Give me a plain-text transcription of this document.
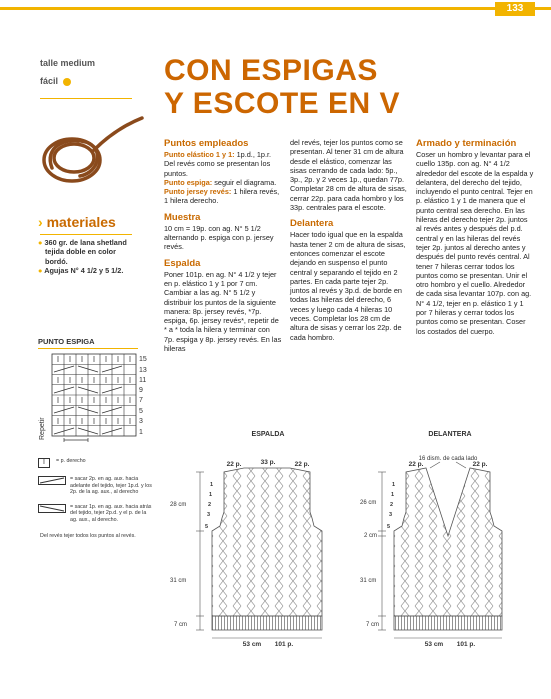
133
talle medium
fácil
› materiales
● 360 gr. de lana shetland tejida doble en color bordó.
● Agujas N° 4 1/2 y 5 1/2.
PUNTO ESPIGA
15
13
11
9
7
5
3
1
Repetir
I	= p. derecho
= sacar 2p. en ag. aux. hacia adelante del tejido, tejer 1p.d. y los 2p. de la ag. aux., al derecho
= sacar 1p. en ag. aux. hacia atrás del tejido, tejer 2p.d. y el p. de la ag. aux., al derecho.
Del revés tejer todos los puntos al revés.
CON ESPIGAS
Y ESCOTE EN V
Puntos empleados

Punto elástico 1 y 1: 1p.d., 1p.r. Del revés como se presentan los puntos.

Punto espiga: seguir el diagrama.

Punto jersey revés: 1 hilera revés, 1 hilera derecho.

Muestra

10 cm = 19p. con ag. N° 5 1/2 alternando p. espiga con p. jersey revés.

Espalda

Poner 101p. en ag. N° 4 1/2 y tejer en p. elástico 1 y 1 por 7 cm. Cambiar a las ag. N° 5 1/2 y distribuir los puntos de la siguiente manera: 8p. jersey revés, *7p. espiga, 6p. jersey revés*, repetir de * a * toda la hilera y terminar con 7p. espiga y 8p. jersey revés. En las hileras

del revés, tejer los puntos como se presentan. Al tener 31 cm de altura desde el elástico, comenzar las sisas cerrando de cada lado: 5p., 3p., 2p. y 2 veces 1p., quedan 77p. Completar 28 cm de altura de sisas, cerrar 22p. para cada hombro y los 33p. centrales para el escote.

Delantera

Hacer todo igual que en la espalda hasta tener 2 cm de altura de sisas, entonces comenzar el escote dejando en suspenso el punto central y separando el tejido en 2 partes. En cada parte tejer 2p. juntos al revés y 3p.d. de borde en todas las hileras del derecho, 6 veces y luego cada 4 hileras 10 veces. Completar los 28 cm de altura de sisas y cerrar los 22p. de cada hombro.

Armado y terminación

Coser un hombro y levantar para el cuello 135p. con ag. N° 4 1/2 alrededor del escote de la espalda y delantera, del derecho del tejido, incluyendo el punto central. Tejer en p. elástico 1 y 1 de manera que el punto central sea derecho. En las hileras del derecho tejer 2p. juntos al revés antes y después del p.d. central y en las hileras del revés tejer 2p. juntos al derecho antes y después del punto revés central. Al tener 7 hileras cerrar todos los puntos como se presentan. Unir el otro hombro y el cuello. Alrededor de cada sisa levantar 107p. con ag. N° 4 1/2, tejer en p. elástico 1 y 1 por 7 hileras y cerrar todos los puntos como se presentan. Coser los costados del cuerpo.

ESPALDA
22 p.	33 p.	22 p.
1
1
2
3
5
28 cm
31 cm
7 cm
53 cm 101 p.
DELANTERA
22 p.
16 dism. de cada lado
22 p.
1
1
2
3
5
26 cm
2 cm
31 cm
7 cm
53 cm 101 p.
